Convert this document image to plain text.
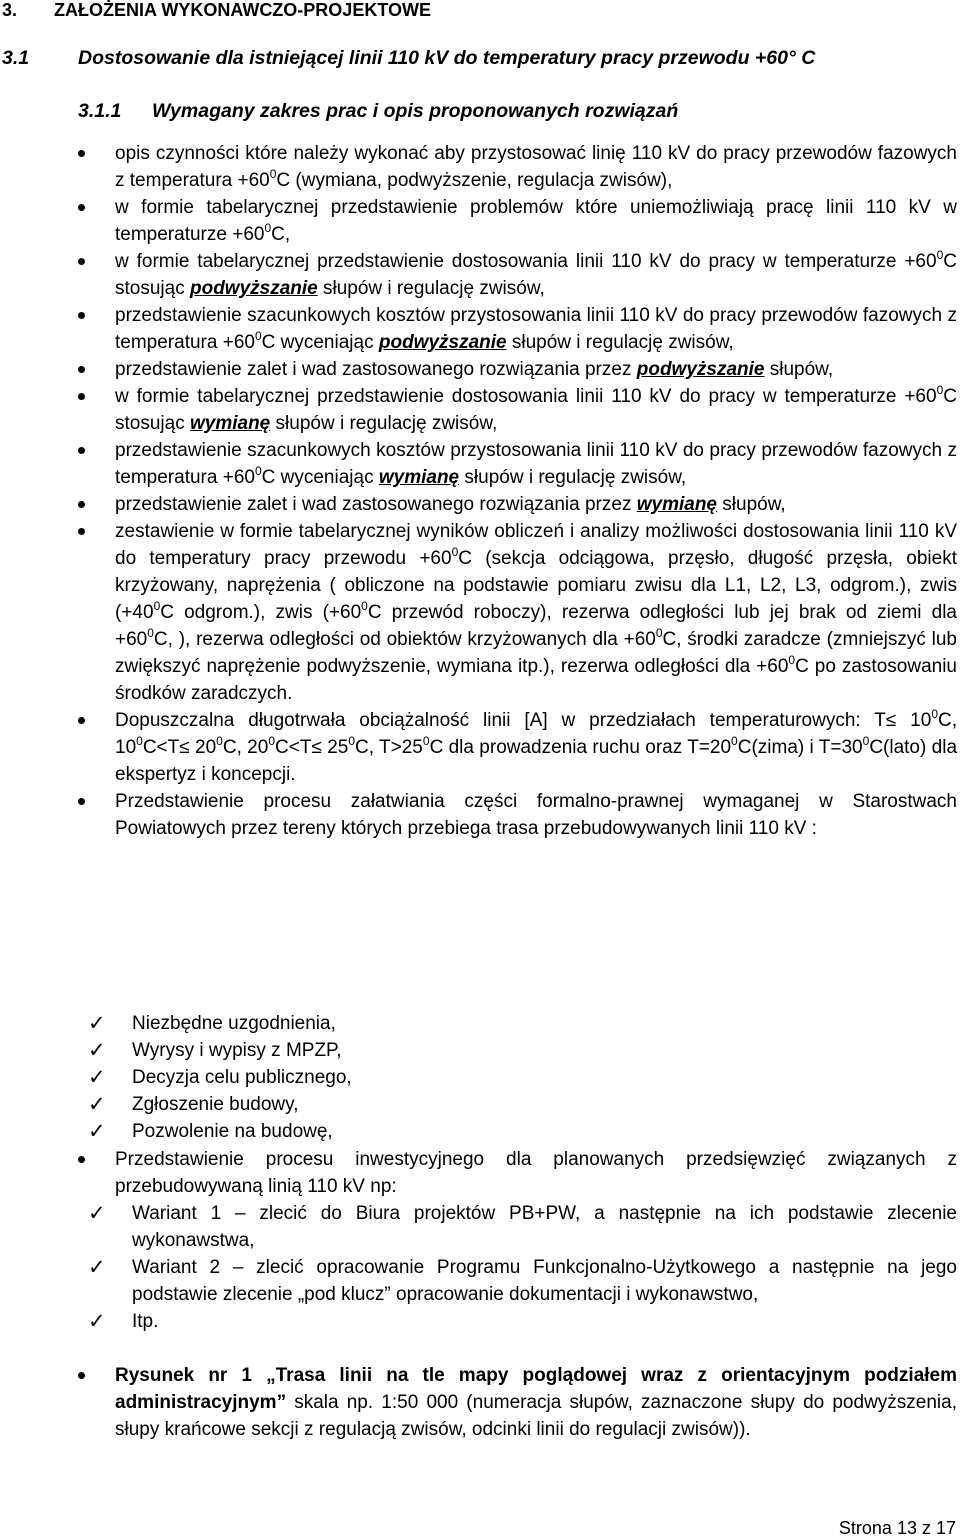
3. ZAŁOŻENIA WYKONAWCZO-PROJEKTOWE
3.1	Dostosowanie dla istniejącej linii 110 kV do temperatury pracy przewodu +60° C
3.1.1 Wymagany zakres prac i opis proponowanych rozwiązań
opis czynności które należy wykonać aby przystosować linię 110 kV do pracy przewodów fazowych z temperatura $+60^0C$ (wymiana, podwyższenie, regulacja zwisów),
w formie tabelarycznej przedstawienie problemów które uniemożliwiają pracę linii 110 kV w temperaturze $+60^0C$,
w formie tabelarycznej przedstawienie dostosowania linii 110 kV do pracy w temperaturze $+60^0C$ stosując podwyższanie słupów i regulację zwisów,
przedstawienie szacunkowych kosztów przystosowania linii 110 kV do pracy przewodów fazowych z temperatura $+60^0C$ wyceniając podwyższanie słupów i regulację zwisów,
przedstawienie zalet i wad zastosowanego rozwiązania przez podwyższanie słupów,
w formie tabelarycznej przedstawienie dostosowania linii 110 kV do pracy w temperaturze $+60^0C$ stosując wymianę słupów i regulację zwisów,
przedstawienie szacunkowych kosztów przystosowania linii 110 kV do pracy przewodów fazowych z temperatura $+60^0C$ wyceniając wymianę słupów i regulację zwisów,
przedstawienie zalet i wad zastosowanego rozwiązania przez wymianę słupów,
zestawienie w formie tabelarycznej wyników obliczeń i analizy możliwości dostosowania linii 110 kV do temperatury pracy przewodu $+60^0C$ (sekcja odciągowa, przęsło, długość przęsła, obiekt krzyżowany, naprężenia ( obliczone na podstawie pomiaru zwisu dla L1, L2, L3, odgrom.), zwis ($+40^0C$ odgrom.), zwis ($+60^0C$ przewód roboczy), rezerwa odległości lub jej brak od ziemi dla $+60^0C$, ), rezerwa odległości od obiektów krzyżowanych dla $+60^0C$, środki zaradcze (zmniejszyć lub zwiększyć naprężenie podwyższenie, wymiana itp.), rezerwa odległości dla $+60^0C$ po zastosowaniu środków zaradczych.
Dopuszczalna długotrwała obciążalność linii [A] w przedziałach temperaturowych: $T\le 10^0C$, $10^0C<T\le 20^0C$, $20^0C<T\le 25^0C$, $T>25^0C$ dla prowadzenia ruchu oraz $T=20^0C(zima)$ i $T=30^0C(lato)$ dla ekspertyz i koncepcji.
Przedstawienie procesu załatwiania części formalno-prawnej wymaganej w Starostwach Powiatowych przez tereny których przebiega trasa przebudowywanych linii 110 kV :
✓ Niezbędne uzgodnienia,
✓ Wyrysy i wypisy z MPZP,
✓ Decyzja celu publicznego,
✓ Zgłoszenie budowy,
✓ Pozwolenie na budowę,
Przedstawienie procesu inwestycyjnego dla planowanych przedsięwzięć związanych z przebudowywaną linią 110 kV np:
✓ Wariant 1 – zlecić do Biura projektów PB+PW, a następnie na ich podstawie zlecenie wykonawstwa,
✓ Wariant 2 – zlecić opracowanie Programu Funkcjonalno-Użytkowego a następnie na jego podstawie zlecenie „pod klucz” opracowanie dokumentacji i wykonawstwo,
✓ Itp.
Rysunek nr 1 „Trasa linii na tle mapy poglądowej wraz z orientacyjnym podziałem administracyjnym” skala np. 1:50 000 (numeracja słupów, zaznaczone słupy do podwyższenia, słupy krańcowe sekcji z regulacją zwisów, odcinki linii do regulacji zwisów)).
Strona 13 z 17
